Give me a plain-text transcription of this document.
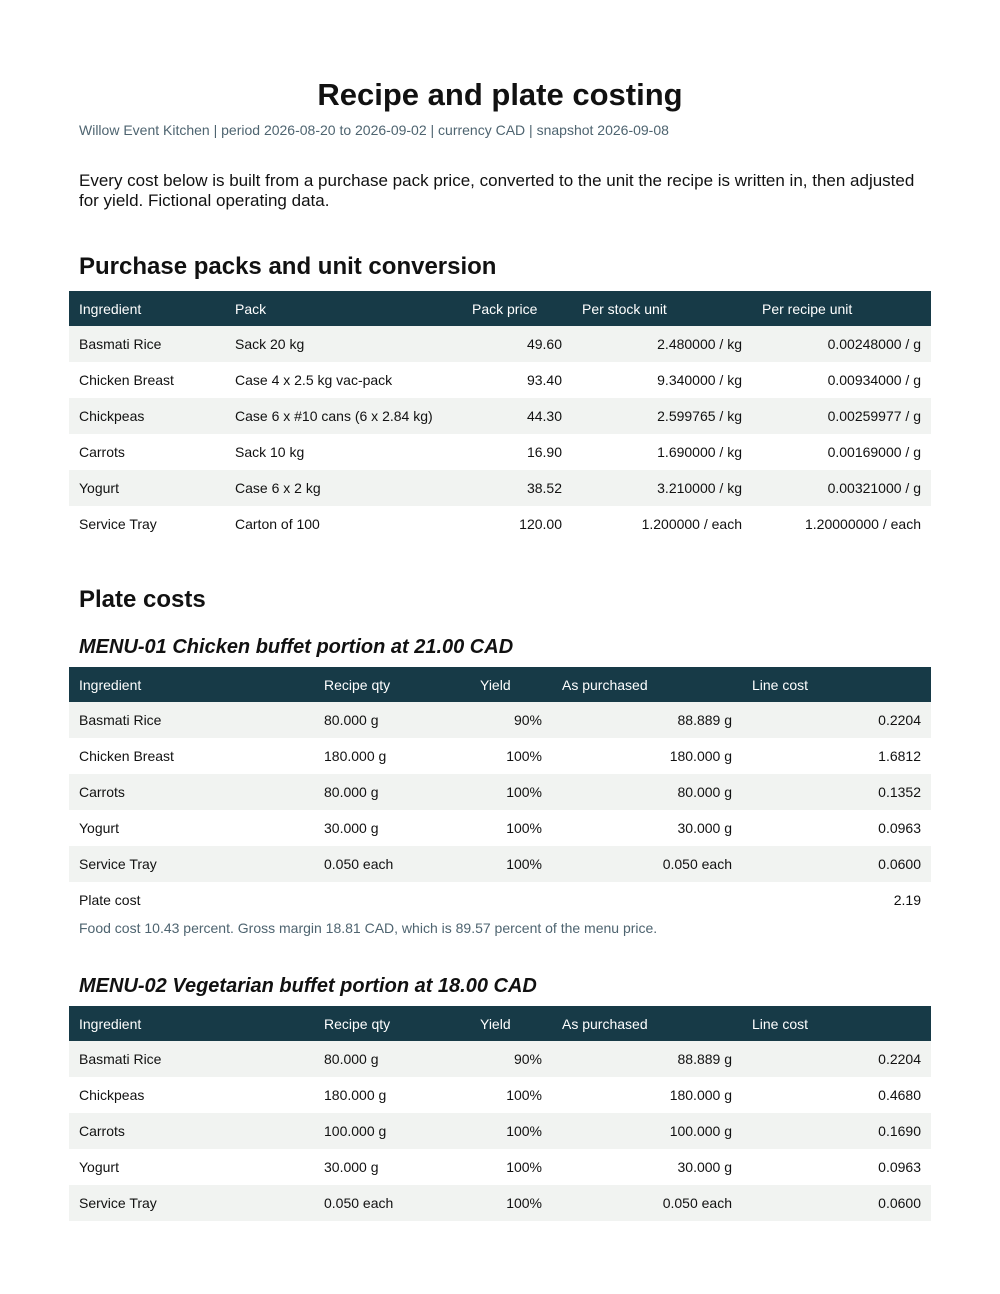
Recipe and plate costing
Willow Event Kitchen | period 2026-08-20 to 2026-09-02 | currency CAD | snapshot 2026-09-08
Every cost below is built from a purchase pack price, converted to the unit the recipe is written in, then adjusted for yield. Fictional operating data.
Purchase packs and unit conversion
Ingredient	Pack	Pack price	Per stock unit	Per recipe unit
Basmati Rice	Sack 20 kg	49.60	2.480000 / kg	0.00248000 / g
Chicken Breast	Case 4 x 2.5 kg vac-pack	93.40	9.340000 / kg	0.00934000 / g
Chickpeas	Case 6 x #10 cans (6 x 2.84 kg)	44.30	2.599765 / kg	0.00259977 / g
Carrots	Sack 10 kg	16.90	1.690000 / kg	0.00169000 / g
Yogurt	Case 6 x 2 kg	38.52	3.210000 / kg	0.00321000 / g
Service Tray	Carton of 100	120.00	1.200000 / each	1.20000000 / each
Plate costs
MENU-01 Chicken buffet portion at 21.00 CAD
Ingredient	Recipe qty	Yield	As purchased	Line cost
Basmati Rice	80.000 g	90%	88.889 g	0.2204
Chicken Breast	180.000 g	100%	180.000 g	1.6812
Carrots	80.000 g	100%	80.000 g	0.1352
Yogurt	30.000 g	100%	30.000 g	0.0963
Service Tray	0.050 each	100%	0.050 each	0.0600
Plate cost				2.19
Food cost 10.43 percent. Gross margin 18.81 CAD, which is 89.57 percent of the menu price.
MENU-02 Vegetarian buffet portion at 18.00 CAD
Ingredient	Recipe qty	Yield	As purchased	Line cost
Basmati Rice	80.000 g	90%	88.889 g	0.2204
Chickpeas	180.000 g	100%	180.000 g	0.4680
Carrots	100.000 g	100%	100.000 g	0.1690
Yogurt	30.000 g	100%	30.000 g	0.0963
Service Tray	0.050 each	100%	0.050 each	0.0600
